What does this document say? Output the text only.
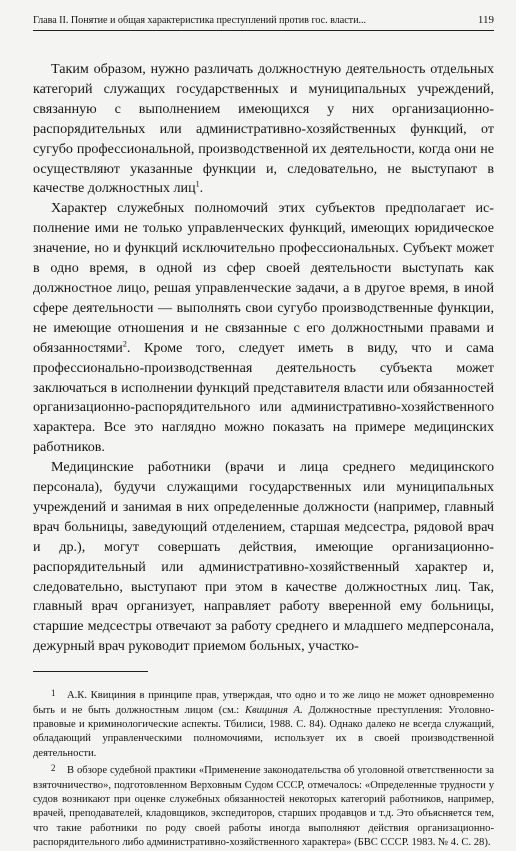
Глава II. Понятие и общая характеристика преступлений против гос. власти...	119

Таким образом, нужно различать должностную деятельность отдельных категорий служащих государственных и муниципальных учреждений, связанную с выполнением имеющихся у них организационно-распорядительных или административно-хозяйственных функций, от сугубо профессиональной, производственной их деятельности, когда они не осуществляют указанные функции и, следовательно, не выступают в качестве должностных лиц$^1$.

Характер служебных полномочий этих субъектов предполагает исполнение ими не только управленческих функций, имеющих юридическое значение, но и функций исключительно профессиональных. Субъект может в одно время, в одной из сфер своей деятельности выступать как должностное лицо, решая управленческие задачи, а в другое время, в иной сфере деятельности — выполнять свои сугубо производственные функции, не имеющие отношения и не связанные с его должностными правами и обязанностями$^2$. Кроме того, следует иметь в виду, что и сама профессионально-производственная деятельность субъекта может заключаться в исполнении функций представителя власти или обязанностей организационно-распорядительного или административно-хозяйственного характера. Все это наглядно можно показать на примере медицинских работников.

Медицинские работники (врачи и лица среднего медицинского персонала), будучи служащими государственных или муниципальных учреждений и занимая в них определенные должности (например, главный врач больницы, заведующий отделением, старшая медсестра, рядовой врач и др.), могут совершать действия, имеющие организационно-распорядительный или административно-хозяйственный характер и, следовательно, выступают при этом в качестве должностных лиц. Так, главный врач организует, направляет работу вверенной ему больницы, старшие медсестры отвечают за работу среднего и младшего медперсонала, дежурный врач руководит приемом больных, участко-

1 А.К. Квициния в принципе прав, утверждая, что одно и то же лицо не может одновременно быть и не быть должностным лицом (см.: Квициния А. Должностные преступления: Уголовно-правовые и криминологические аспекты. Тбилиси, 1988. С. 84). Однако далеко не всегда служащий, обладающий управленческими полномочиями, использует их в своей производственной деятельности.

2 В обзоре судебной практики «Применение законодательства об уголовной ответственности за взяточничество», подготовленном Верховным Судом СССР, отмечалось: «Определенные трудности у судов возникают при оценке служебных обязанностей некоторых категорий работников, например, врачей, преподавателей, кладовщиков, экспедиторов, старших продавцов и т.д. Это объясняется тем, что такие работники по роду своей работы иногда выполняют действия организационно-распорядительного либо административно-хозяйственного характера» (БВС СССР. 1983. № 4. С. 28).
